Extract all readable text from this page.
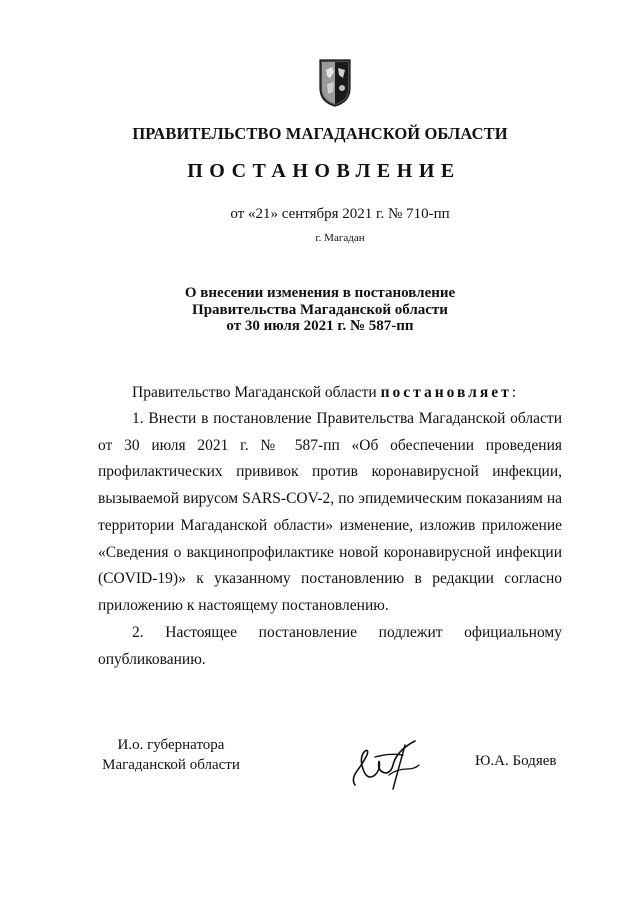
ПРАВИТЕЛЬСТВО МАГАДАНСКОЙ ОБЛАСТИ
ПОСТАНОВЛЕНИЕ
от «21» сентября 2021 г. № 710-пп
г. Магадан
О внесении изменения в постановление
Правительства Магаданской области
от 30 июля 2021 г. № 587-пп
Правительство Магаданской области постановляет:
1. Внести в постановление Правительства Магаданской области от 30 июля 2021 г. № 587-пп «Об обеспечении проведения профилактических прививок против коронавирусной инфекции, вызываемой вирусом SARS-COV-2, по эпидемическим показаниям на территории Магаданской области» изменение, изложив приложение «Сведения о вакцинопрофилактике новой коронавирусной инфекции (COVID-19)» к указанному постановлению в редакции согласно приложению к настоящему постановлению.
2. Настоящее постановление подлежит официальному опубликованию.
И.о. губернатора
Магаданской области	Ю.А. Бодяев
